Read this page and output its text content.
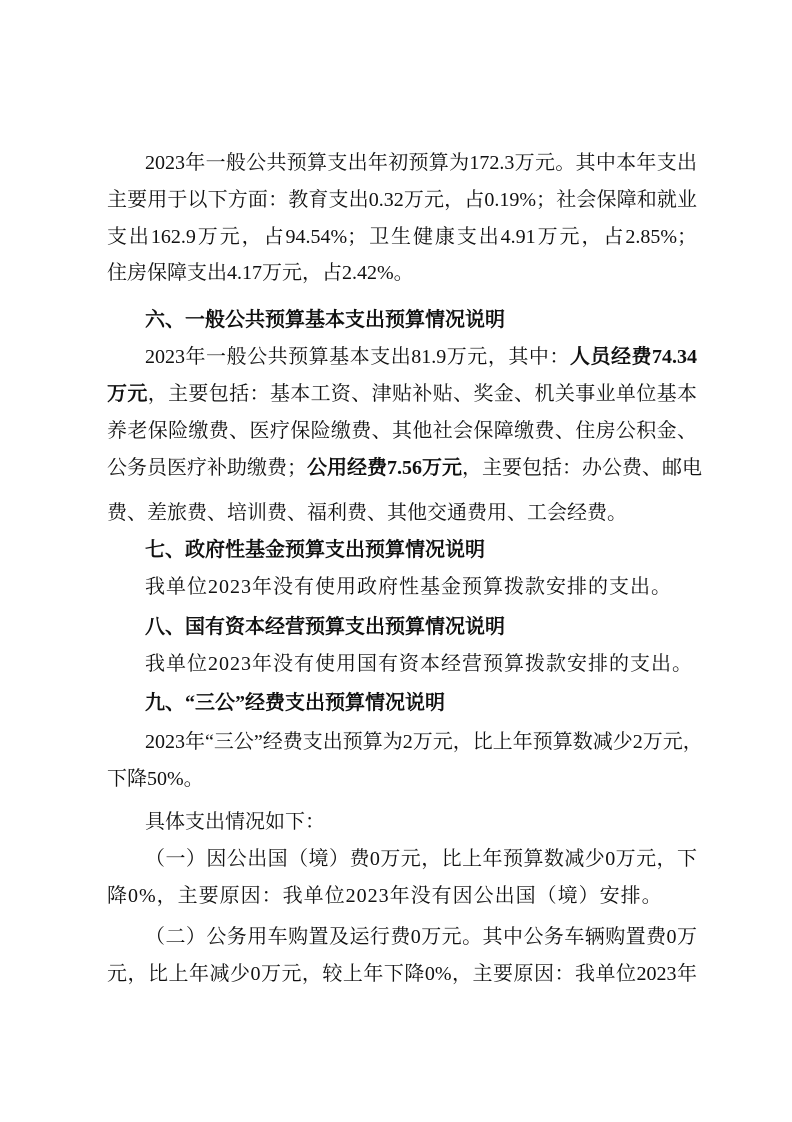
2023年一般公共预算支出年初预算为172.3万元。其中本年支出
主要用于以下方面：教育支出0.32万元，占0.19%；社会保障和就业
支出162.9万元，占94.54%；卫生健康支出4.91万元，占2.85%；
住房保障支出4.17万元，占2.42%。
六、一般公共预算基本支出预算情况说明
2023年一般公共预算基本支出81.9万元，其中：人员经费74.34
万元，主要包括：基本工资、津贴补贴、奖金、机关事业单位基本
养老保险缴费、医疗保险缴费、其他社会保障缴费、住房公积金、
公务员医疗补助缴费；公用经费7.56万元，主要包括：办公费、邮电
费、差旅费、培训费、福利费、其他交通费用、工会经费。
七、政府性基金预算支出预算情况说明
我单位2023年没有使用政府性基金预算拨款安排的支出。
八、国有资本经营预算支出预算情况说明
我单位2023年没有使用国有资本经营预算拨款安排的支出。
九、“三公”经费支出预算情况说明
2023年“三公”经费支出预算为2万元，比上年预算数减少2万元，
下降50%。
具体支出情况如下：
（一）因公出国（境）费0万元，比上年预算数减少0万元，下
降0%，主要原因：我单位2023年没有因公出国（境）安排。
（二）公务用车购置及运行费0万元。其中公务车辆购置费0万
元，比上年减少0万元，较上年下降0%，主要原因：我单位2023年
